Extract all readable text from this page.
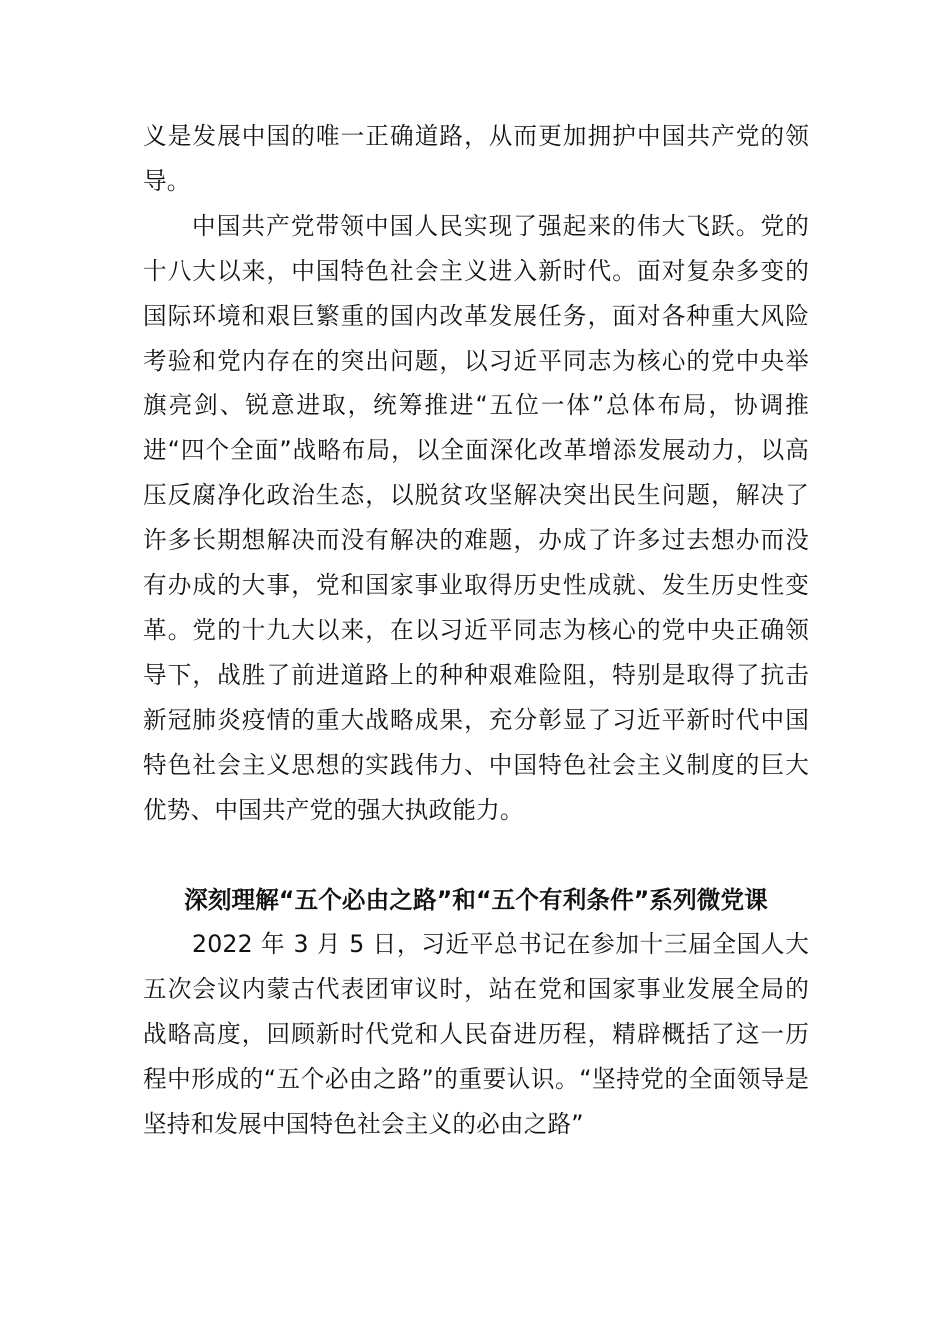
义是发展中国的唯一正确道路，从而更加拥护中国共产党的领导。

中国共产党带领中国人民实现了强起来的伟大飞跃。党的十八大以来，中国特色社会主义进入新时代。面对复杂多变的国际环境和艰巨繁重的国内改革发展任务，面对各种重大风险考验和党内存在的突出问题，以习近平同志为核心的党中央举旗亮剑、锐意进取，统筹推进“五位一体”总体布局，协调推进“四个全面”战略布局，以全面深化改革增添发展动力，以高压反腐净化政治生态，以脱贫攻坚解决突出民生问题，解决了许多长期想解决而没有解决的难题，办成了许多过去想办而没有办成的大事，党和国家事业取得历史性成就、发生历史性变革。党的十九大以来，在以习近平同志为核心的党中央正确领导下，战胜了前进道路上的种种艰难险阻，特别是取得了抗击新冠肺炎疫情的重大战略成果，充分彰显了习近平新时代中国特色社会主义思想的实践伟力、中国特色社会主义制度的巨大优势、中国共产党的强大执政能力。

深刻理解“五个必由之路”和“五个有利条件”系列微党课

2022 年 3 月 5 日，习近平总书记在参加十三届全国人大五次会议内蒙古代表团审议时，站在党和国家事业发展全局的战略高度，回顾新时代党和人民奋进历程，精辟概括了这一历程中形成的“五个必由之路”的重要认识。“坚持党的全面领导是坚持和发展中国特色社会主义的必由之路”
